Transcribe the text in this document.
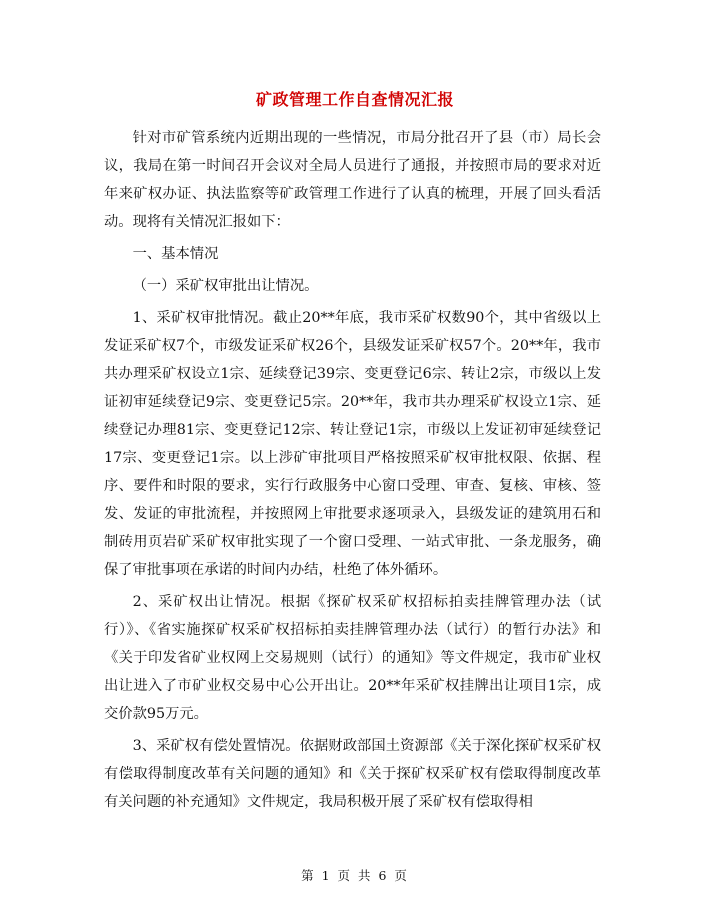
矿政管理工作自查情况汇报

针对市矿管系统内近期出现的一些情况，市局分批召开了县（市）局长会议，我局在第一时间召开会议对全局人员进行了通报，并按照市局的要求对近年来矿权办证、执法监察等矿政管理工作进行了认真的梳理，开展了回头看活动。现将有关情况汇报如下：

一、基本情况

（一）采矿权审批出让情况。

1、采矿权审批情况。截止20**年底，我市采矿权数90个，其中省级以上发证采矿权7个，市级发证采矿权26个，县级发证采矿权57个。20**年，我市共办理采矿权设立1宗、延续登记39宗、变更登记6宗、转让2宗，市级以上发证初审延续登记9宗、变更登记5宗。20**年，我市共办理采矿权设立1宗、延续登记办理81宗、变更登记12宗、转让登记1宗，市级以上发证初审延续登记17宗、变更登记1宗。以上涉矿审批项目严格按照采矿权审批权限、依据、程序、要件和时限的要求，实行行政服务中心窗口受理、审查、复核、审核、签发、发证的审批流程，并按照网上审批要求逐项录入，县级发证的建筑用石和制砖用页岩矿采矿权审批实现了一个窗口受理、一站式审批、一条龙服务，确保了审批事项在承诺的时间内办结，杜绝了体外循环。

2、采矿权出让情况。根据《探矿权采矿权招标拍卖挂牌管理办法（试行）》、《省实施探矿权采矿权招标拍卖挂牌管理办法（试行）的暂行办法》和《关于印发省矿业权网上交易规则（试行）的通知》等文件规定，我市矿业权出让进入了市矿业权交易中心公开出让。20**年采矿权挂牌出让项目1宗，成交价款95万元。

3、采矿权有偿处置情况。依据财政部国土资源部《关于深化探矿权采矿权有偿取得制度改革有关问题的通知》和《关于探矿权采矿权有偿取得制度改革有关问题的补充通知》文件规定，我局积极开展了采矿权有偿取得相

第 1 页 共 6 页
